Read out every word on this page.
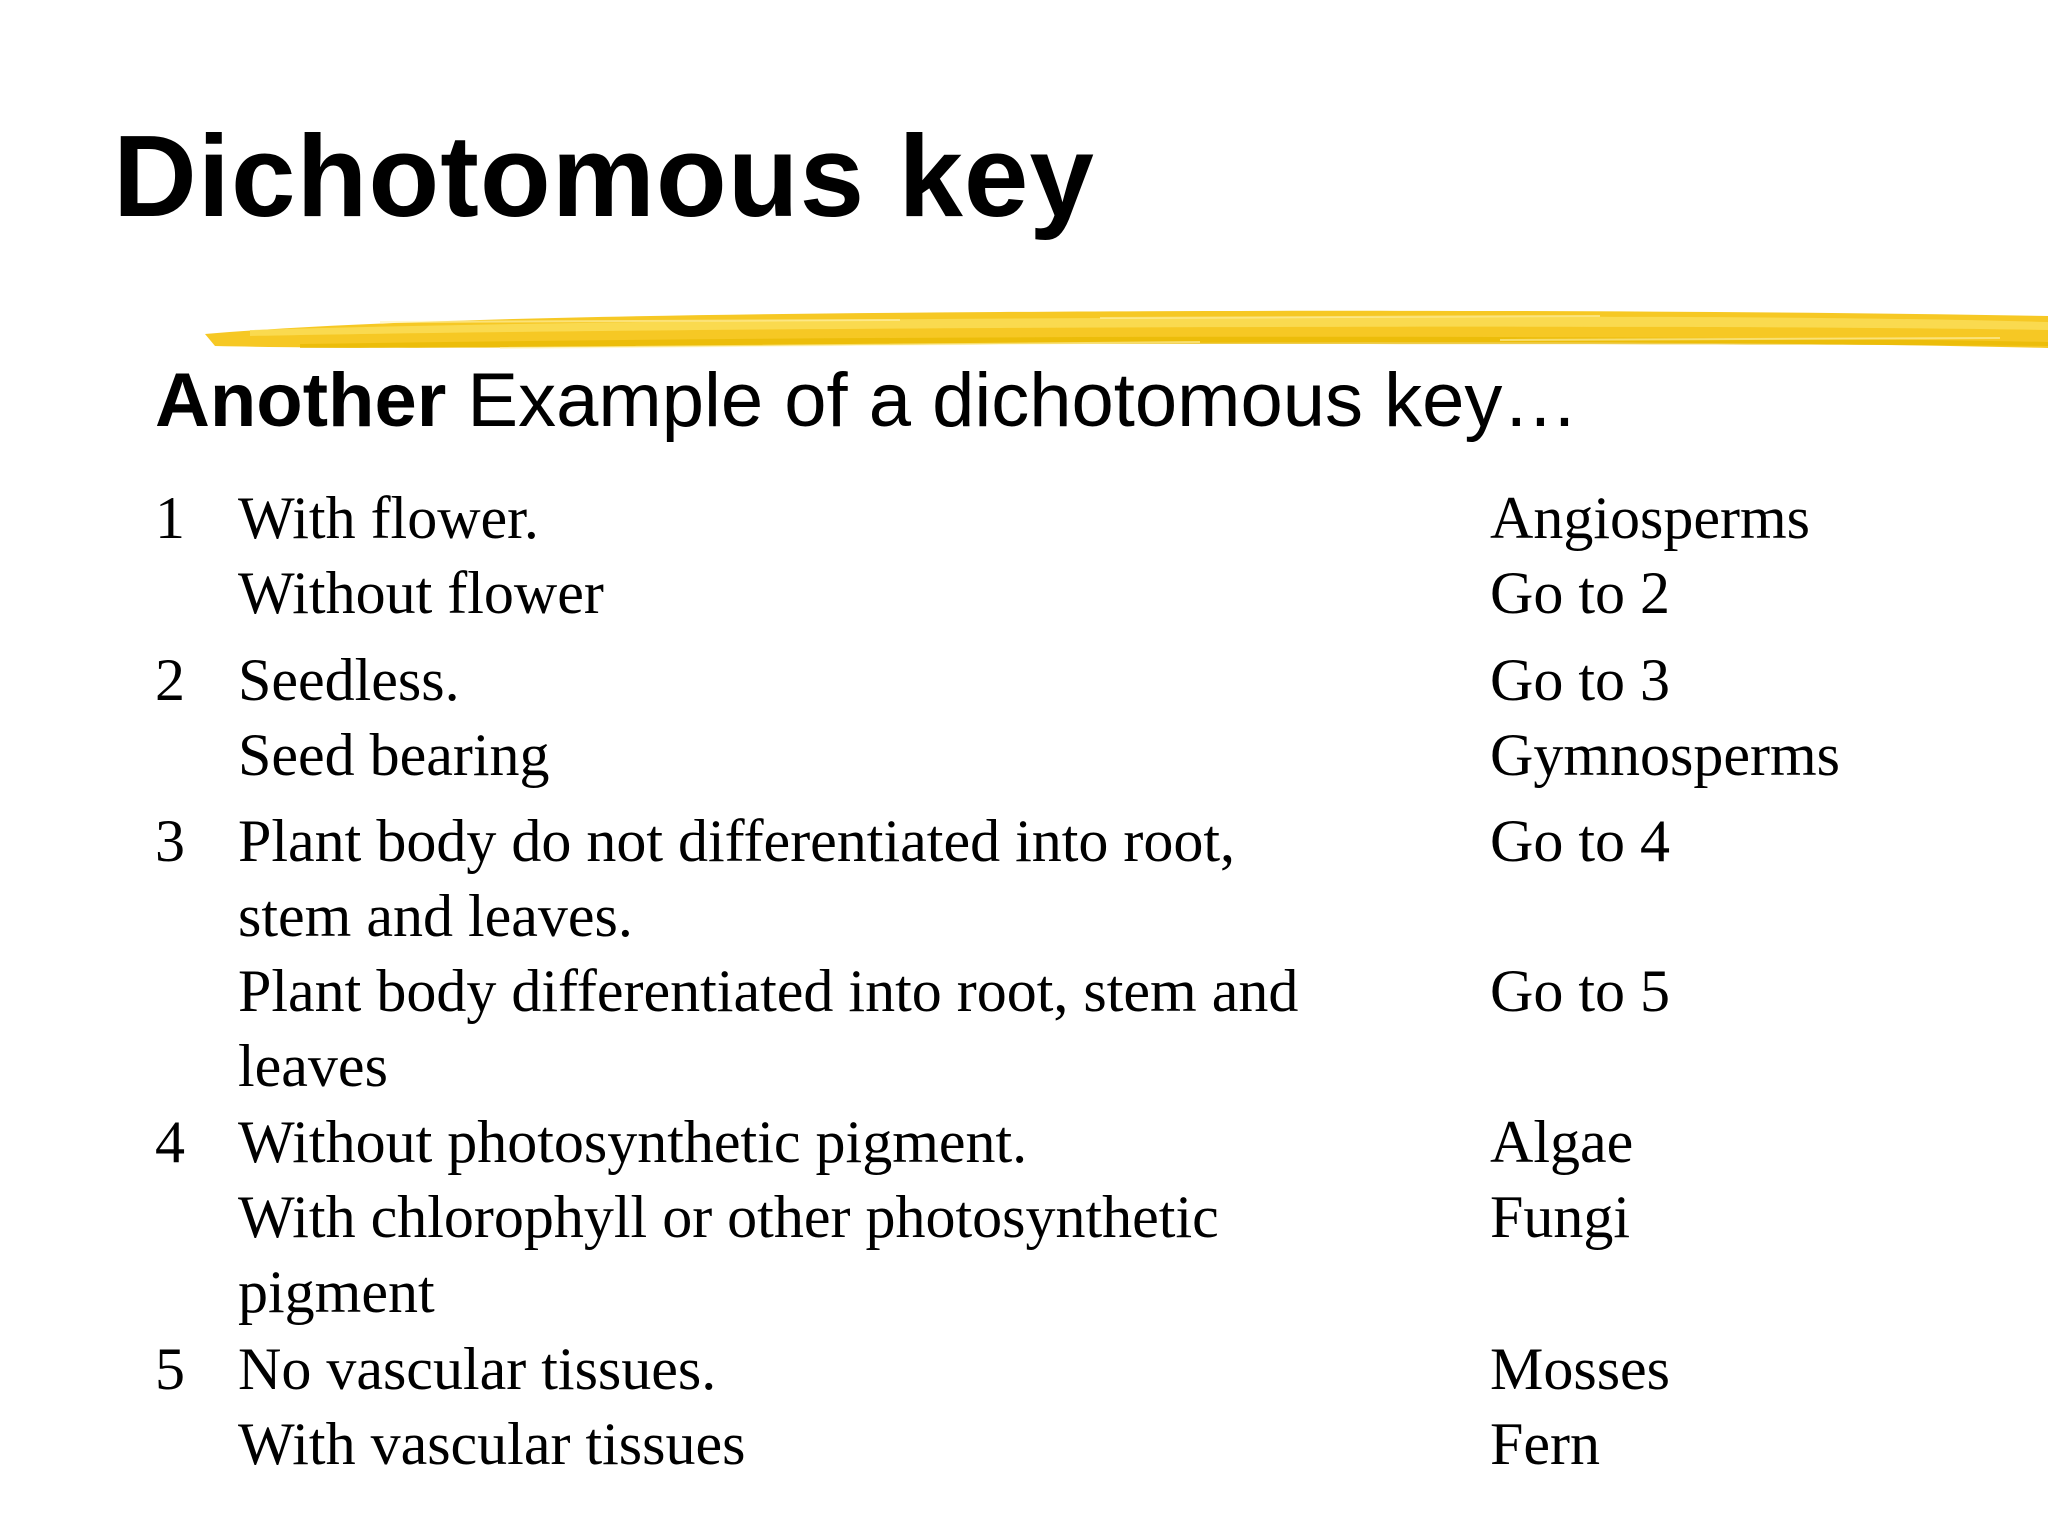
Dichotomous key
Another Example of a dichotomous key…
1 With flower.	Angiosperms
Without flower	Go to 2
2 Seedless.	Go to 3
Seed bearing	Gymnosperms
3 Plant body do not differentiated into root,	Go to 4
stem and leaves.
Plant body differentiated into root, stem and	Go to 5
leaves
4 Without photosynthetic pigment.	Algae
With chlorophyll or other photosynthetic	Fungi
pigment
5 No vascular tissues.	Mosses
With vascular tissues	Fern
